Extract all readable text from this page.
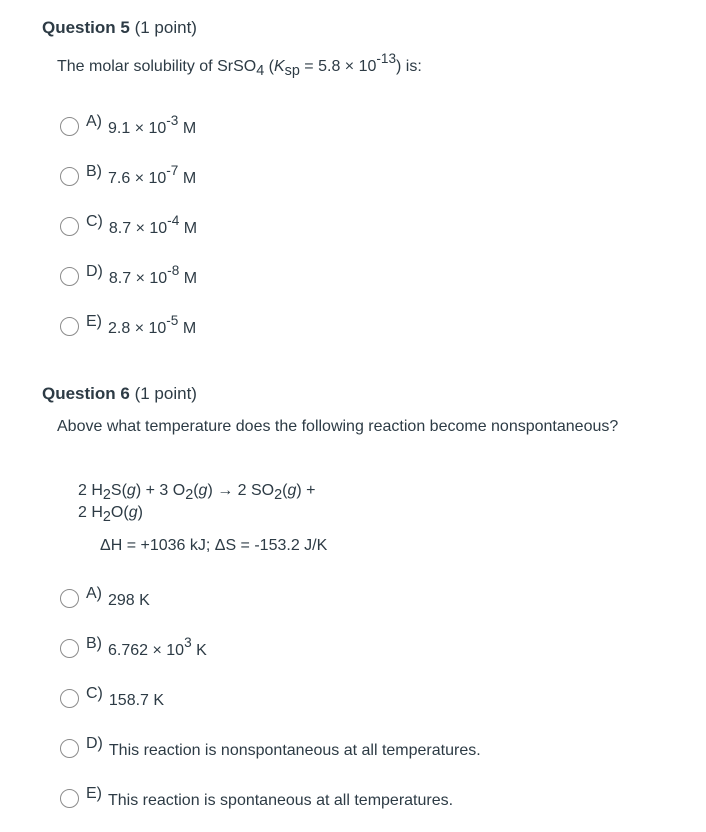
Question 5 (1 point)
The molar solubility of SrSO$_4$ $(K_{sp} = 5.8 \times 10^{-13})$ is:
A) $9.1 \times 10^{-3}$ M
B) $7.6 \times 10^{-7}$ M
C) $8.7 \times 10^{-4}$ M
D) $8.7 \times 10^{-8}$ M
E) $2.8 \times 10^{-5}$ M
Question 6 (1 point)
Above what temperature does the following reaction become nonspontaneous?
2 $H_2S(g) + 3$ $O_2(g) \to 2$ $SO_2(g)$ +
2 $H_2O(g)$
ΔH = +1036 kJ; ΔS = -153.2 J/K
A) 298 K
B) $6.762 \times 10^3$ K
C) 158.7 K
D) This reaction is nonspontaneous at all temperatures.
E) This reaction is spontaneous at all temperatures.
